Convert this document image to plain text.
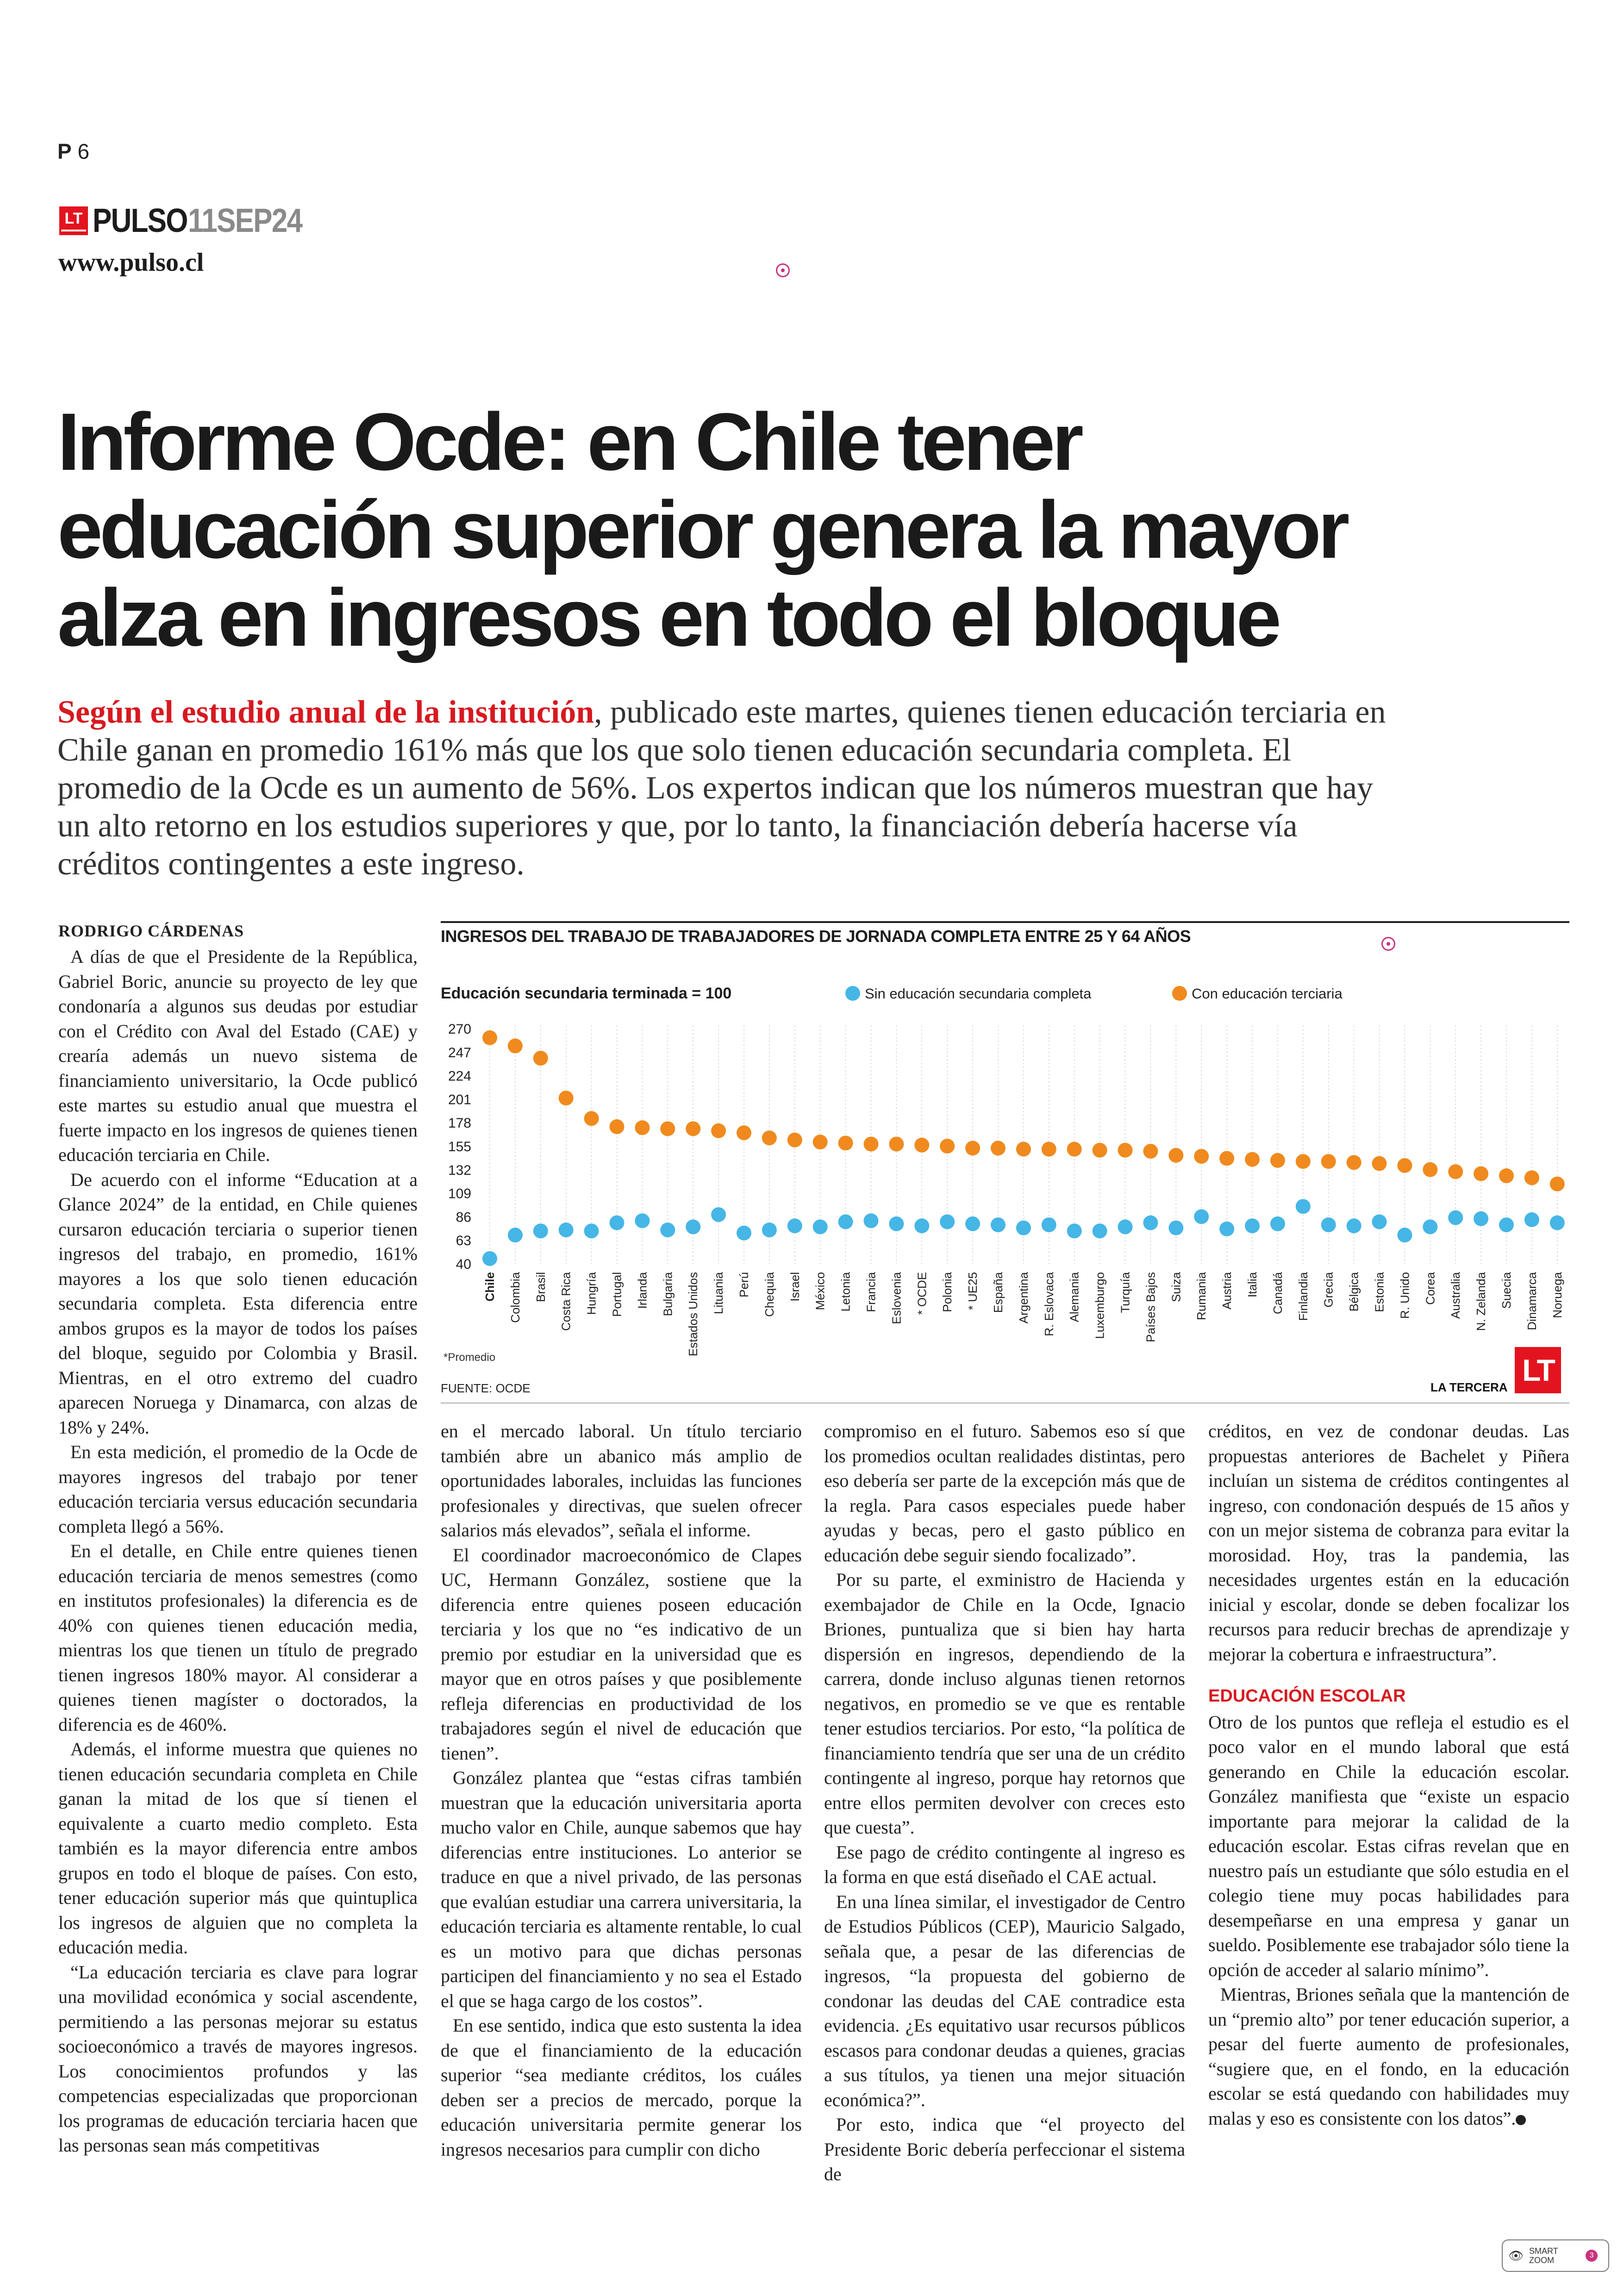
P 6
LT PULSO 11SEP24
www.pulso.cl
Informe Ocde: en Chile tener
educación superior genera la mayor
alza en ingresos en todo el bloque
Según el estudio anual de la institución, publicado este martes, quienes tienen educación terciaria en Chile ganan en promedio 161% más que los que solo tienen educación secundaria completa. El promedio de la Ocde es un aumento de 56%. Los expertos indican que los números muestran que hay un alto retorno en los estudios superiores y que, por lo tanto, la financiación debería hacerse vía créditos contingentes a este ingreso.
RODRIGO CÁRDENAS

A días de que el Presidente de la República, Gabriel Boric, anuncie su proyecto de ley que condonaría a algunos sus deudas por estudiar con el Crédito con Aval del Estado (CAE) y crearía además un nuevo sistema de financiamiento universitario, la Ocde publicó este martes su estudio anual que muestra el fuerte impacto en los ingresos de quienes tienen educación terciaria en Chile.

De acuerdo con el informe “Education at a Glance 2024” de la entidad, en Chile quienes cursaron educación terciaria o superior tienen ingresos del trabajo, en promedio, 161% mayores a los que solo tienen educación secundaria completa. Esta diferencia entre ambos grupos es la mayor de todos los países del bloque, seguido por Colombia y Brasil. Mientras, en el otro extremo del cuadro aparecen Noruega y Dinamarca, con alzas de 18% y 24%.

En esta medición, el promedio de la Ocde de mayores ingresos del trabajo por tener educación terciaria versus educación secundaria completa llegó a 56%.

En el detalle, en Chile entre quienes tienen educación terciaria de menos semestres (como en institutos profesionales) la diferencia es de 40% con quienes tienen educación media, mientras los que tienen un título de pregrado tienen ingresos 180% mayor. Al considerar a quienes tienen magíster o doctorados, la diferencia es de 460%.

Además, el informe muestra que quienes no tienen educación secundaria completa en Chile ganan la mitad de los que sí tienen el equivalente a cuarto medio completo. Esta también es la mayor diferencia entre ambos grupos en todo el bloque de países. Con esto, tener educación superior más que quintuplica los ingresos de alguien que no completa la educación media.

“La educación terciaria es clave para lograr una movilidad económica y social ascendente, permitiendo a las personas mejorar su estatus socioeconómico a través de mayores ingresos. Los conocimientos profundos y las competencias especializadas que proporcionan los programas de educación terciaria hacen que las personas sean más competitivas

INGRESOS DEL TRABAJO DE TRABAJADORES DE JORNADA COMPLETA ENTRE 25 Y 64 AÑOS
Educación secundaria terminada = 100	Sin educación secundaria completa	Con educación terciaria
270
247
224
201
178
155
132
109
86
63
40
Chile Colombia Brasil Costa Rica Hungría Portugal Irlanda Bulgaria Estados Unidos Lituania Perú Chequia Israel México Letonia Francia Eslovenia * OCDE Polonia * UE25 España Argentina R. Eslovaca Alemania Luxemburgo Turquía Países Bajos Suiza Rumania Austria Italia Canadá Finlandia Grecia Bélgica Estonia R. Unido Corea Australia N. Zelanda Suecia Dinamarca Noruega
*Promedio
FUENTE: OCDE	LA TERCERA LT

en el mercado laboral. Un título terciario también abre un abanico más amplio de oportunidades laborales, incluidas las funciones profesionales y directivas, que suelen ofrecer salarios más elevados”, señala el informe.

El coordinador macroeconómico de Clapes UC, Hermann González, sostiene que la diferencia entre quienes poseen educación terciaria y los que no “es indicativo de un premio por estudiar en la universidad que es mayor que en otros países y que posiblemente refleja diferencias en productividad de los trabajadores según el nivel de educación que tienen”.

González plantea que “estas cifras también muestran que la educación universitaria aporta mucho valor en Chile, aunque sabemos que hay diferencias entre instituciones. Lo anterior se traduce en que a nivel privado, de las personas que evalúan estudiar una carrera universitaria, la educación terciaria es altamente rentable, lo cual es un motivo para que dichas personas participen del financiamiento y no sea el Estado el que se haga cargo de los costos”.

En ese sentido, indica que esto sustenta la idea de que el financiamiento de la educación superior “sea mediante créditos, los cuáles deben ser a precios de mercado, porque la educación universitaria permite generar los ingresos necesarios para cumplir con dicho

compromiso en el futuro. Sabemos eso sí que los promedios ocultan realidades distintas, pero eso debería ser parte de la excepción más que de la regla. Para casos especiales puede haber ayudas y becas, pero el gasto público en educación debe seguir siendo focalizado”.

Por su parte, el exministro de Hacienda y exembajador de Chile en la Ocde, Ignacio Briones, puntualiza que si bien hay harta dispersión en ingresos, dependiendo de la carrera, donde incluso algunas tienen retornos negativos, en promedio se ve que es rentable tener estudios terciarios. Por esto, “la política de financiamiento tendría que ser una de un crédito contingente al ingreso, porque hay retornos que entre ellos permiten devolver con creces esto que cuesta”.

Ese pago de crédito contingente al ingreso es la forma en que está diseñado el CAE actual.

En una línea similar, el investigador de Centro de Estudios Públicos (CEP), Mauricio Salgado, señala que, a pesar de las diferencias de ingresos, “la propuesta del gobierno de condonar las deudas del CAE contradice esta evidencia. ¿Es equitativo usar recursos públicos escasos para condonar deudas a quienes, gracias a sus títulos, ya tienen una mejor situación económica?”.

Por esto, indica que “el proyecto del Presidente Boric debería perfeccionar el sistema de

créditos, en vez de condonar deudas. Las propuestas anteriores de Bachelet y Piñera incluían un sistema de créditos contingentes al ingreso, con condonación después de 15 años y con un mejor sistema de cobranza para evitar la morosidad. Hoy, tras la pandemia, las necesidades urgentes están en la educación inicial y escolar, donde se deben focalizar los recursos para reducir brechas de aprendizaje y mejorar la cobertura e infraestructura”.

EDUCACIÓN ESCOLAR

Otro de los puntos que refleja el estudio es el poco valor en el mundo laboral que está generando en Chile la educación escolar. González manifiesta que “existe un espacio importante para mejorar la calidad de la educación escolar. Estas cifras revelan que en nuestro país un estudiante que sólo estudia en el colegio tiene muy pocas habilidades para desempeñarse en una empresa y ganar un sueldo. Posiblemente ese trabajador sólo tiene la opción de acceder al salario mínimo”.

Mientras, Briones señala que la mantención de un “premio alto” por tener educación superior, a pesar del fuerte aumento de profesionales, “sugiere que, en el fondo, en la educación escolar se está quedando con habilidades muy malas y eso es consistente con los datos”. P

👁 SMART ZOOM
3
